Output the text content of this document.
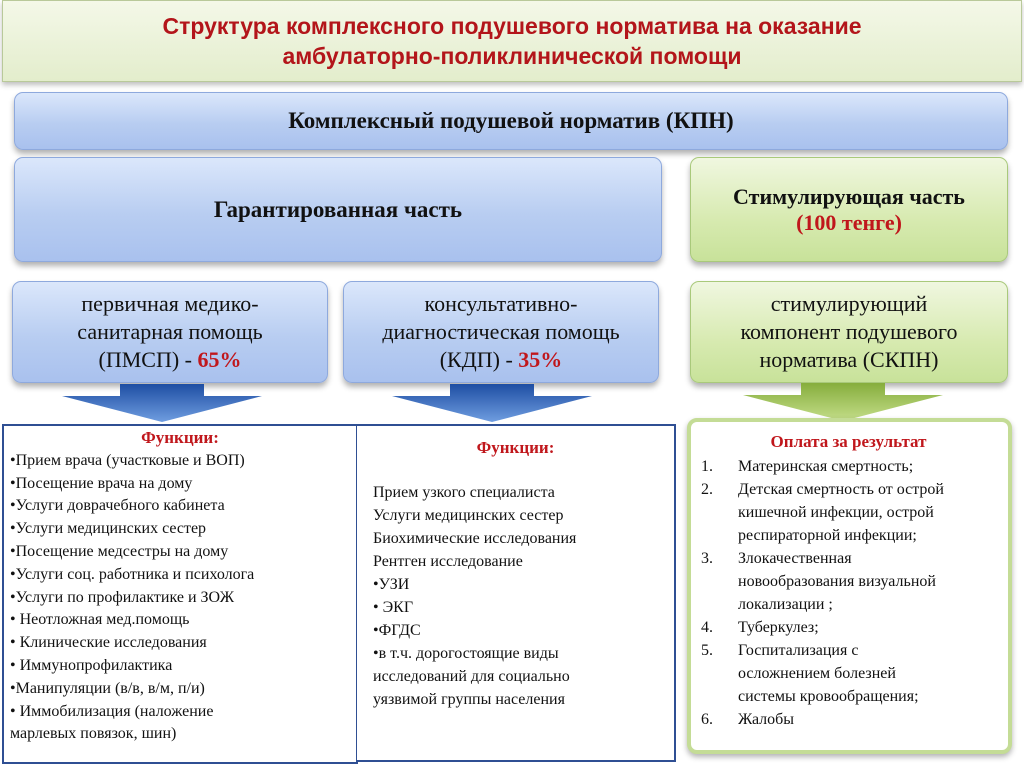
Структура комплексного подушевого норматива на оказание
амбулаторно-поликлинической помощи
Комплексный подушевой норматив (КПН)
Гарантированная часть
Стимулирующая часть
(100 тенге)
первичная медико-
санитарная помощь
(ПМСП) - 65%
консультативно-
диагностическая помощь
(КДП) - 35%
стимулирующий
компонент подушевого
норматива (СКПН)
Функции:
•Прием врача (участковые и ВОП)
•Посещение врача на дому
•Услуги доврачебного кабинета
•Услуги медицинских сестер
•Посещение медсестры на дому
•Услуги соц. работника и психолога
•Услуги по профилактике и ЗОЖ
• Неотложная мед.помощь
• Клинические исследования
• Иммунопрофилактика
•Манипуляции (в/в, в/м, п/и)
• Иммобилизация (наложение
марлевых повязок, шин)
Функции:
Прием узкого специалиста
Услуги медицинских сестер
Биохимические исследования
Рентген исследование
•УЗИ
• ЭКГ
•ФГДС
•в т.ч. дорогостоящие виды
исследований для социально
уязвимой группы населения
Оплата за результат
1.	Материнская смертность;
2.	Детская смертность от острой
кишечной инфекции, острой
респираторной инфекции;
3.	Злокачественная
новообразования визуальной
локализации ;
4.	Туберкулез;
5.	Госпитализация с
осложнением болезней
системы кровообращения;
6.	Жалобы
